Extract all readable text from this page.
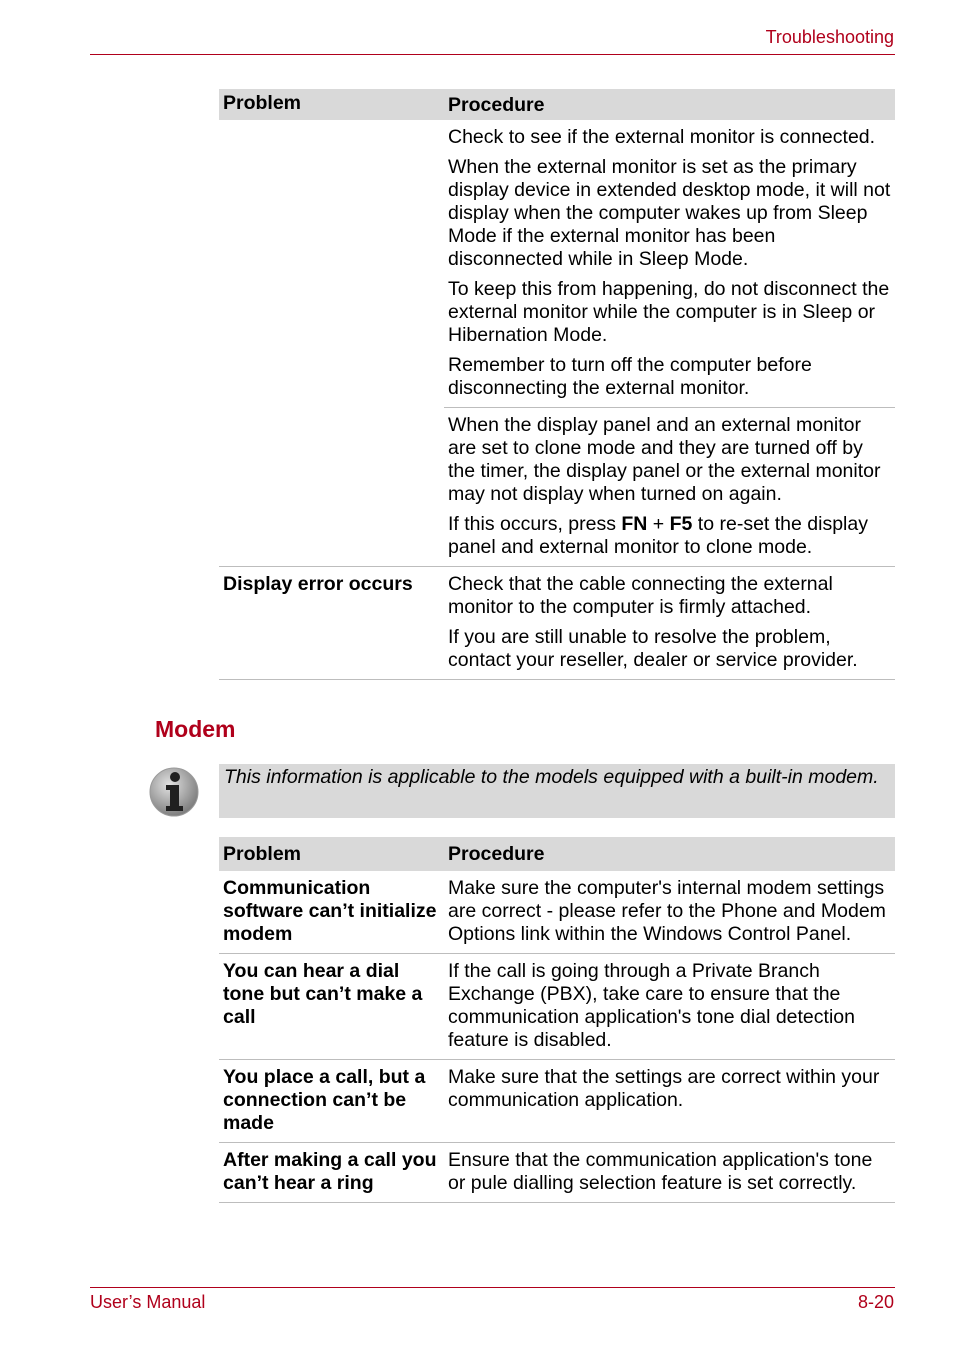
Troubleshooting
Problem	Procedure

	Check to see if the external monitor is connected.

When the external monitor is set as the primary display device in extended desktop mode, it will not display when the computer wakes up from Sleep Mode if the external monitor has been disconnected while in Sleep Mode.

To keep this from happening, do not disconnect the external monitor while the computer is in Sleep or Hibernation Mode.

Remember to turn off the computer before disconnecting the external monitor.

	When the display panel and an external monitor are set to clone mode and they are turned off by the timer, the display panel or the external monitor may not display when turned on again.

If this occurs, press FN + F5 to re-set the display panel and external monitor to clone mode.

Display error occurs	Check that the cable connecting the external monitor to the computer is firmly attached.

If you are still unable to resolve the problem, contact your reseller, dealer or service provider.

Modem
This information is applicable to the models equipped with a built-in modem.
Problem	Procedure
Communication software can’t initialize modem	Make sure the computer's internal modem settings are correct - please refer to the Phone and Modem Options link within the Windows Control Panel.
You can hear a dial tone but can’t make a call	If the call is going through a Private Branch Exchange (PBX), take care to ensure that the communication application's tone dial detection feature is disabled.
You place a call, but a connection can’t be made	Make sure that the settings are correct within your communication application.
After making a call you can’t hear a ring	Ensure that the communication application's tone or pule dialling selection feature is set correctly.
User’s Manual	8-20
